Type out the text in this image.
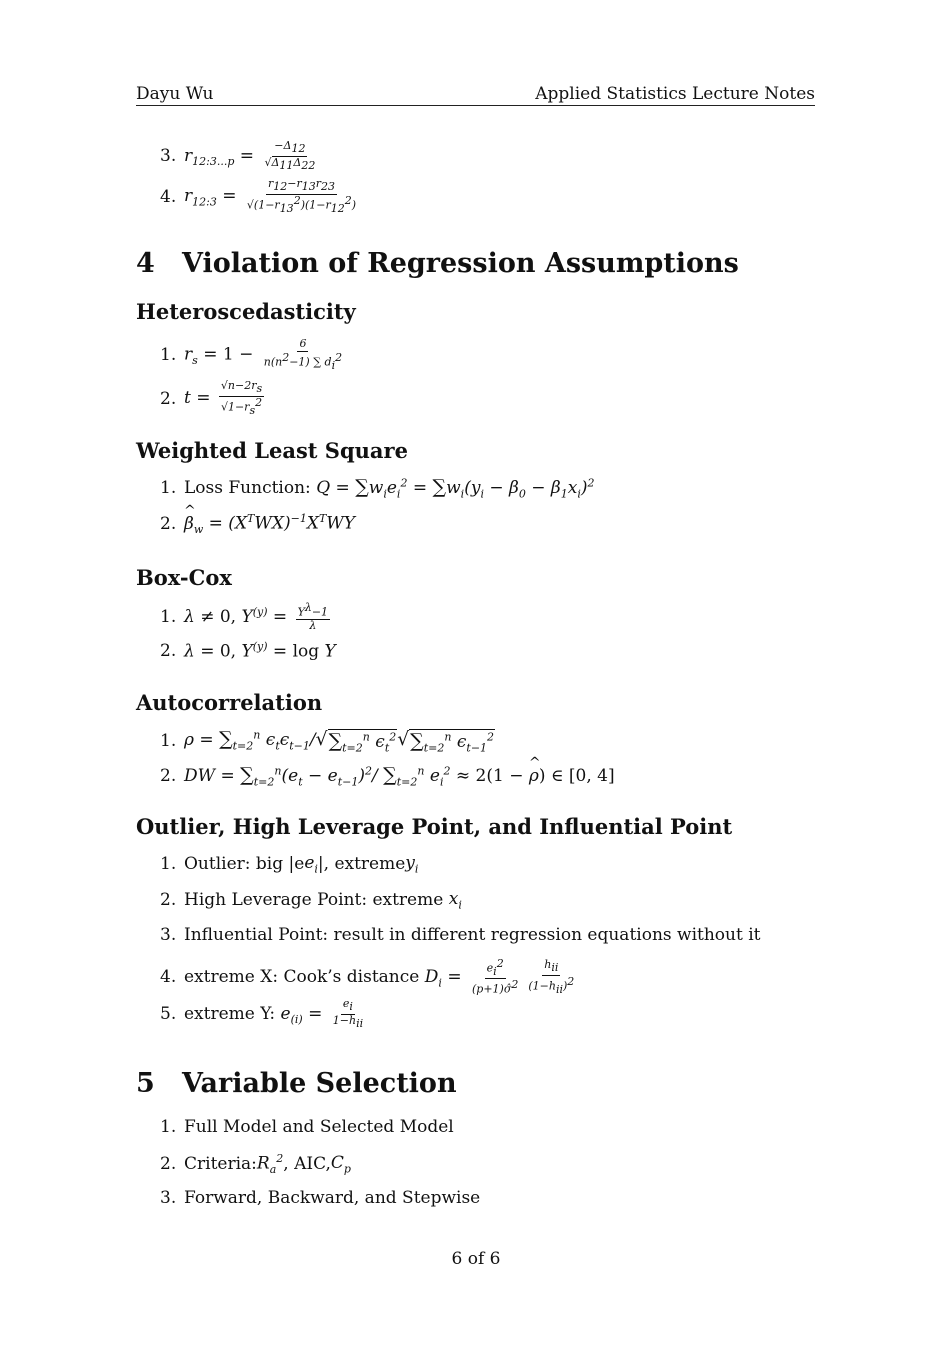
Dayu Wu	Applied Statistics Lecture Notes
3. $r_{12:3...p} = \frac{-\Delta_{12}}{√\Delta_{11}\Delta_{22}}$
4. $r_{12:3} = \frac{r_{12}-r_{13}r_{23}}{√(1-r_{13}^2)(1-r_{12}^2)}$
4 Violation of Regression Assumptions
Heteroscedasticity
1. $r_s = 1 - \frac{6}{n(n^2-1) \sum d_i^2}$
2. $t = \frac{√n-2r_s}{√1-r_s^2}$
Weighted Least Square
1. Loss Function:
$Q = \sum w_ie_i^2 = \sum w_i(y_i - \beta_0 - \beta_1x_i)^2$
2. ^ $\beta_w = (X^TWX)^{-1}X^TWY$
Box-Cox
1. λ ≠ 0, $Y^{(y)} = \frac{Y^\lambda-1}{\lambda}$
2. λ = 0, $Y^{(y)} = \log Y$
Autocorrelation
1. $\rho = \sum_{t=2}^n$ $\epsilon_t\epsilon_{t-1}/$ √ $\sum_{t=2}^n$ $\epsilon_t^2$ √ $\sum_{t=2}^n$ $\epsilon_{t-1}^2$
2. DW = $\sum_{t=2}^n(e_t - e_{t-1})^2/$ $\sum_{t=2}^n$ $e_i^2 \approx 2(1$ − ^ ρ) ∈ [0, 4]
Outlier, High Leverage Point, and Influential Point
1. Outlier: big |e $e_i$ |, extreme $y_i$
2. High Leverage Point: extreme
$x_i$
3. Influential Point: result in different regression equations without it
4. extreme X: Cook’s distance
$D_i = \frac{e_i^2}{(p+1)\sigmâ^2} \frac{h_{ii}}{(1-h_{ii})^2}$
5. extreme Y:
$e_{(i)} = \frac{e_i}{1-h_{ii}}$
5 Variable Selection
1. Full Model and Selected Model
2. Criteria: $R_a^2$ , AIC, $C_p$
3. Forward, Backward, and Stepwise
6 of 6
